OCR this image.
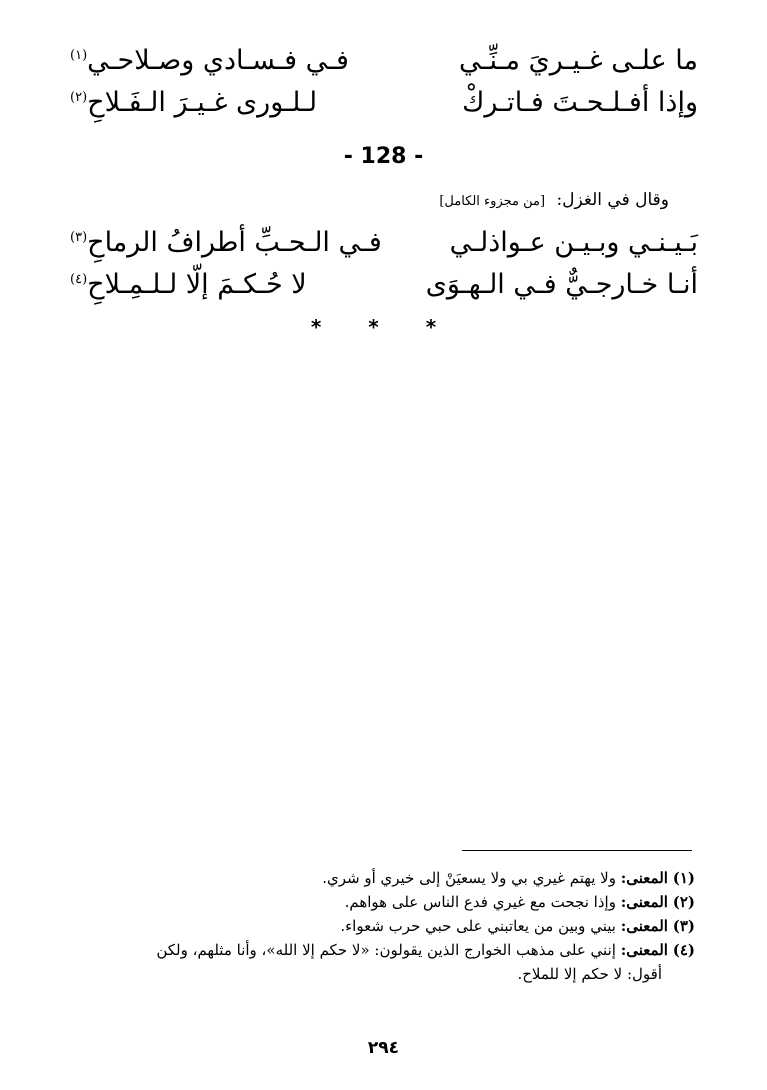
ما علـى غـيـريَ مـنِّـي
فـي فـسـادي وصـلاحـي$^{(١)}$
وإذا أفـلـحـتَ فـاتـركْ
لـلـورى غـيـرَ الـفَـلاحِ$^{(٢)}$
- 128 -
وقال في الغزل: [من مجزوء الكامل]
بَـيـنـي وبـيـن عـواذلـي
فـي الـحـبِّ أطرافُ الرماحِ$^{(٣)}$
أنـا خـارجـيٌّ فـي الـهـوَى
لا حُـكـمَ إلّا لـلـمِـلاحِ$^{(٤)}$
* * *
(١) المعنى: ولا يهتم غيري بي ولا يسعيَنْ إلى خيري أو شري.
(٢) المعنى: وإذا نجحت مع غيري فدع الناس على هواهم.
(٣) المعنى: بيني وبين من يعاتبني على حبي حرب شعواء.
(٤) المعنى: إنني على مذهب الخوارج الذين يقولون: «لا حكم إلا الله»، وأنا مثلهم، ولكن
أقول: لا حكم إلا للملاح.
٢٩٤
